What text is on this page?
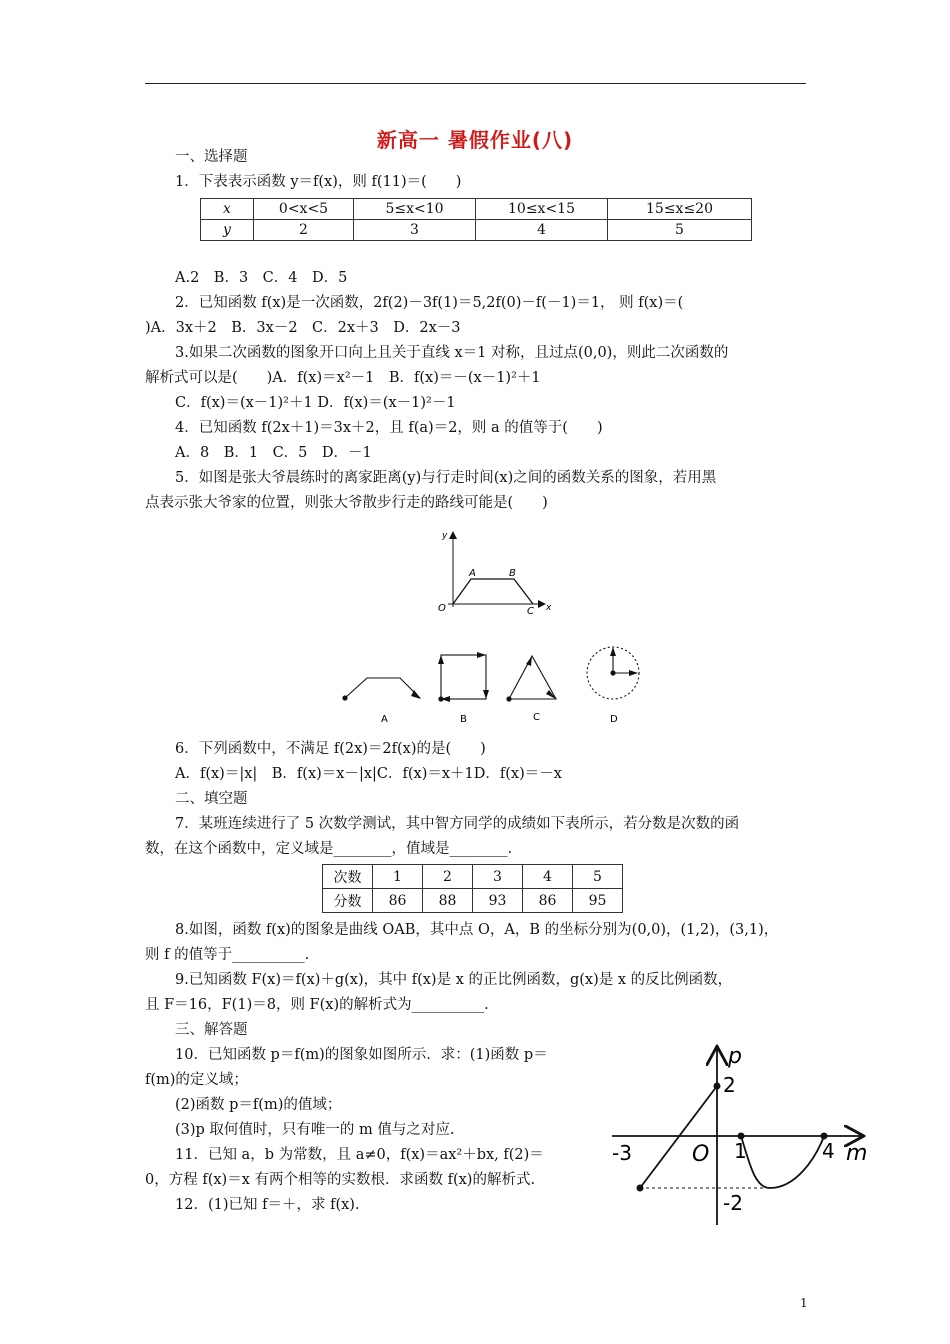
新高一 暑假作业(八)
一、选择题
1．下表表示函数 y＝f(x)，则 f(11)＝(　　)
x	0<x<5	5≤x<10	10≤x<15	15≤x≤20
y	2	3	4	5
A.2　B．3　C．4　D．5
2．已知函数 f(x)是一次函数，2f(2)－3f(1)＝5,2f(0)－f(－1)＝1， 则 f(x)＝(
)A．3x＋2　B．3x－2　C．2x＋3　D．2x－3
3.如果二次函数的图象开口向上且关于直线 x＝1 对称，且过点(0,0)，则此二次函数的
解析式可以是(　　)A．f(x)＝x²－1　B．f(x)＝－(x－1)²＋1
C．f(x)＝(x－1)²＋1 D．f(x)＝(x－1)²－1
4．已知函数 f(2x＋1)＝3x＋2，且 f(a)＝2，则 a 的值等于(　　)
A．8　B．1　C．5　D．－1
5．如图是张大爷晨练时的离家距离(y)与行走时间(x)之间的函数关系的图象，若用黑
点表示张大爷家的位置，则张大爷散步行走的路线可能是(　　)
y
x
O
A	B
C
A	B	C	D
6．下列函数中，不满足 f(2x)＝2f(x)的是(　　)
A．f(x)＝|x|　B．f(x)＝x－|x|C．f(x)＝x＋1D．f(x)＝－x
二、填空题
7．某班连续进行了 5 次数学测试，其中智方同学的成绩如下表所示，若分数是次数的函
数，在这个函数中，定义域是________，值域是________.
次数	1	2	3	4	5
分数	86	88	93	86	95
8.如图，函数 f(x)的图象是曲线 OAB，其中点 O，A，B 的坐标分别为(0,0)，(1,2)，(3,1)，
则 f 的值等于__________.
9.已知函数 F(x)＝f(x)＋g(x)，其中 f(x)是 x 的正比例函数，g(x)是 x 的反比例函数，
且 F＝16，F(1)＝8，则 F(x)的解析式为__________.
三、解答题
10．已知函数 p＝f(m)的图象如图所示．求：(1)函数 p＝
f(m)的定义域；
(2)函数 p＝f(m)的值域；
(3)p 取何值时，只有唯一的 m 值与之对应.
11．已知 a，b 为常数，且 a≠0，f(x)＝ax²＋bx, f(2)＝
0，方程 f(x)＝x 有两个相等的实数根．求函数 f(x)的解析式.
12．(1)已知 f＝＋，求 f(x).
p
m
O
2
-2
-3	1	4
1
